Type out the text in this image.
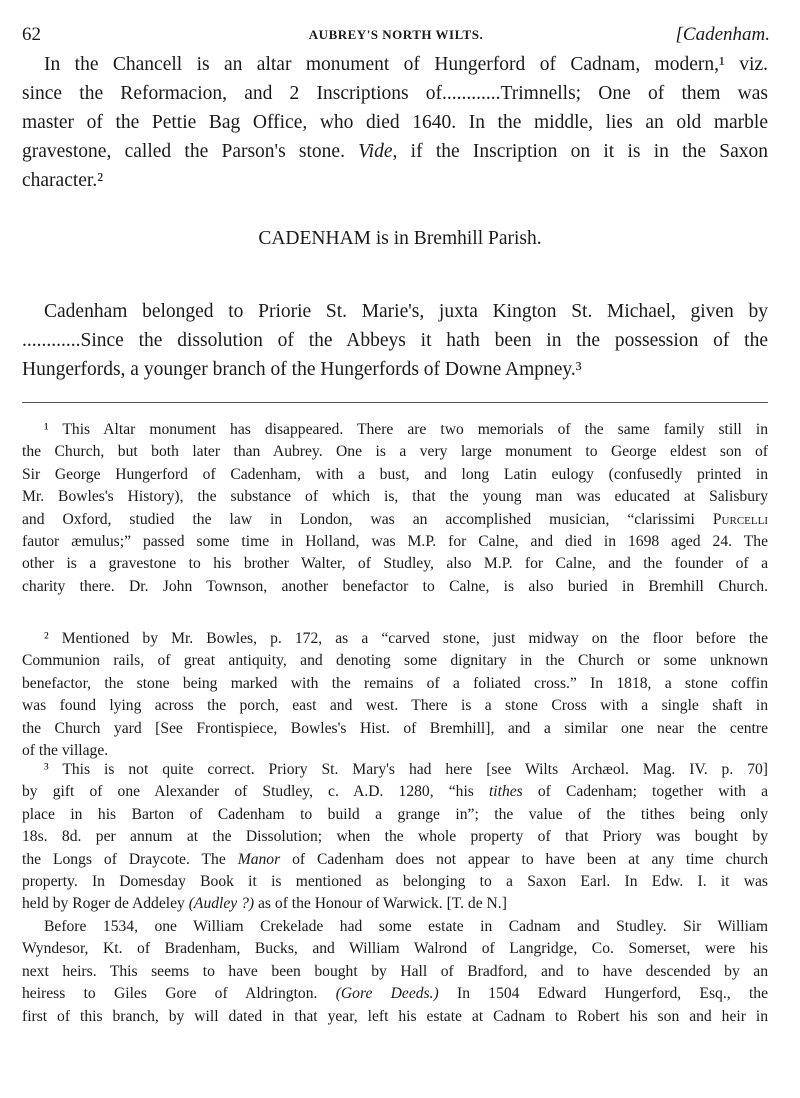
62	AUBREY'S NORTH WILTS.	[Cadenham.
In the Chancell is an altar monument of Hungerford of Cadnam, modern,¹ viz.
since the Reformacion, and 2 Inscriptions of............Trimnells; One of them was
master of the Pettie Bag Office, who died 1640. In the middle, lies an old marble
gravestone, called the Parson's stone. Vide, if the Inscription on it is in the Saxon
character.²
CADENHAM is in Bremhill Parish.
Cadenham belonged to Priorie St. Marie's, juxta Kington St. Michael, given by
............Since the dissolution of the Abbeys it hath been in the possession of the
Hungerfords, a younger branch of the Hungerfords of Downe Ampney.³
¹ This Altar monument has disappeared. There are two memorials of the same family still in
the Church, but both later than Aubrey. One is a very large monument to George eldest son of
Sir George Hungerford of Cadenham, with a bust, and long Latin eulogy (confusedly printed in
Mr. Bowles's History), the substance of which is, that the young man was educated at Salisbury
and Oxford, studied the law in London, was an accomplished musician, “clarissimi Purcelli
fautor æmulus;” passed some time in Holland, was M.P. for Calne, and died in 1698 aged 24. The
other is a gravestone to his brother Walter, of Studley, also M.P. for Calne, and the founder of a
charity there. Dr. John Townson, another benefactor to Calne, is also buried in Bremhill Church.
² Mentioned by Mr. Bowles, p. 172, as a “carved stone, just midway on the floor before the
Communion rails, of great antiquity, and denoting some dignitary in the Church or some unknown
benefactor, the stone being marked with the remains of a foliated cross.” In 1818, a stone coffin
was found lying across the porch, east and west. There is a stone Cross with a single shaft in
the Church yard [See Frontispiece, Bowles's Hist. of Bremhill], and a similar one near the centre
of the village.
³ This is not quite correct. Priory St. Mary's had here [see Wilts Archæol. Mag. IV. p. 70]
by gift of one Alexander of Studley, c. A.D. 1280, “his tithes of Cadenham; together with a
place in his Barton of Cadenham to build a grange in”; the value of the tithes being only
18s. 8d. per annum at the Dissolution; when the whole property of that Priory was bought by
the Longs of Draycote. The Manor of Cadenham does not appear to have been at any time church
property. In Domesday Book it is mentioned as belonging to a Saxon Earl. In Edw. I. it was
held by Roger de Addeley (Audley ?) as of the Honour of Warwick. [T. de N.]
Before 1534, one William Crekelade had some estate in Cadnam and Studley. Sir William
Wyndesor, Kt. of Bradenham, Bucks, and William Walrond of Langridge, Co. Somerset, were his
next heirs. This seems to have been bought by Hall of Bradford, and to have descended by an
heiress to Giles Gore of Aldrington. (Gore Deeds.) In 1504 Edward Hungerford, Esq., the
first of this branch, by will dated in that year, left his estate at Cadnam to Robert his son and heir in
